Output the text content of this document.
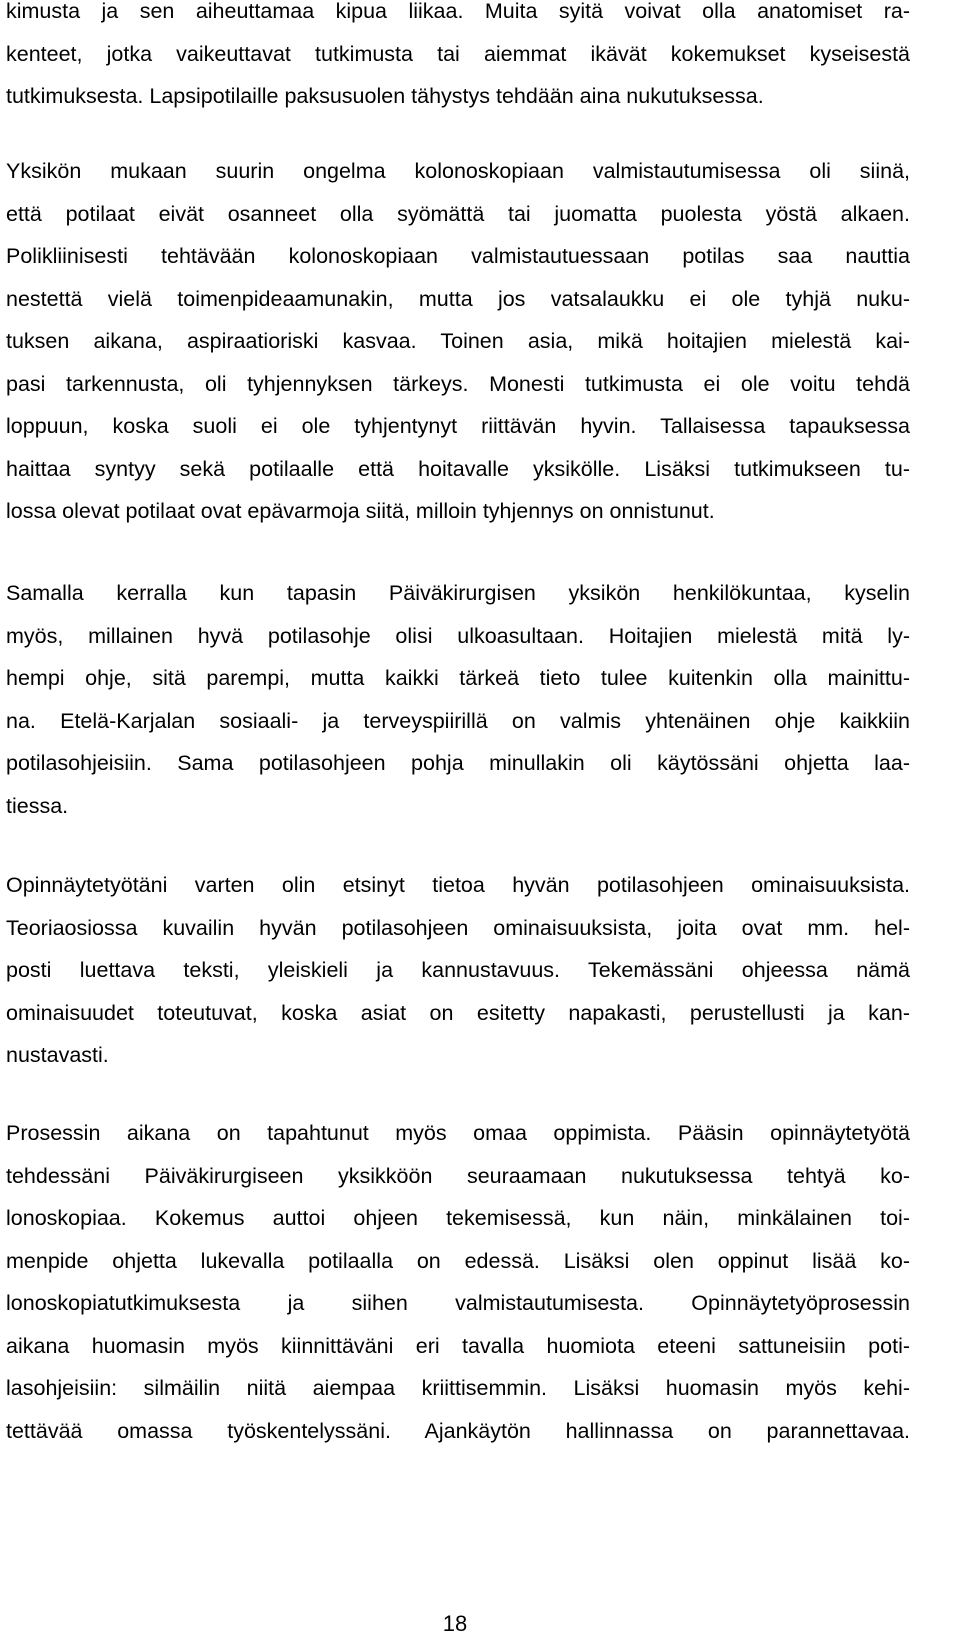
kimusta ja sen aiheuttamaa kipua liikaa. Muita syitä voivat olla anatomiset ra-
kenteet, jotka vaikeuttavat tutkimusta tai aiemmat ikävät kokemukset kyseisestä
tutkimuksesta. Lapsipotilaille paksusuolen tähystys tehdään aina nukutuksessa.
Yksikön mukaan suurin ongelma kolonoskopiaan valmistautumisessa oli siinä,
että potilaat eivät osanneet olla syömättä tai juomatta puolesta yöstä alkaen.
Polikliinisesti tehtävään kolonoskopiaan valmistautuessaan potilas saa nauttia
nestettä vielä toimenpideaamunakin, mutta jos vatsalaukku ei ole tyhjä nuku-
tuksen aikana, aspiraatioriski kasvaa. Toinen asia, mikä hoitajien mielestä kai-
pasi tarkennusta, oli tyhjennyksen tärkeys. Monesti tutkimusta ei ole voitu tehdä
loppuun, koska suoli ei ole tyhjentynyt riittävän hyvin. Tallaisessa tapauksessa
haittaa syntyy sekä potilaalle että hoitavalle yksikölle. Lisäksi tutkimukseen tu-
lossa olevat potilaat ovat epävarmoja siitä, milloin tyhjennys on onnistunut.
Samalla kerralla kun tapasin Päiväkirurgisen yksikön henkilökuntaa, kyselin
myös, millainen hyvä potilasohje olisi ulkoasultaan. Hoitajien mielestä mitä ly-
hempi ohje, sitä parempi, mutta kaikki tärkeä tieto tulee kuitenkin olla mainittu-
na. Etelä-Karjalan sosiaali- ja terveyspiirillä on valmis yhtenäinen ohje kaikkiin
potilasohjeisiin. Sama potilasohjeen pohja minullakin oli käytössäni ohjetta laa-
tiessa.
Opinnäytetyötäni varten olin etsinyt tietoa hyvän potilasohjeen ominaisuuksista.
Teoriaosiossa kuvailin hyvän potilasohjeen ominaisuuksista, joita ovat mm. hel-
posti luettava teksti, yleiskieli ja kannustavuus. Tekemässäni ohjeessa nämä
ominaisuudet toteutuvat, koska asiat on esitetty napakasti, perustellusti ja kan-
nustavasti.
Prosessin aikana on tapahtunut myös omaa oppimista. Pääsin opinnäytetyötä
tehdessäni Päiväkirurgiseen yksikköön seuraamaan nukutuksessa tehtyä ko-
lonoskopiaa. Kokemus auttoi ohjeen tekemisessä, kun näin, minkälainen toi-
menpide ohjetta lukevalla potilaalla on edessä. Lisäksi olen oppinut lisää ko-
lonoskopiatutkimuksesta ja siihen valmistautumisesta. Opinnäytetyöprosessin
aikana huomasin myös kiinnittäväni eri tavalla huomiota eteeni sattuneisiin poti-
lasohjeisiin: silmäilin niitä aiempaa kriittisemmin. Lisäksi huomasin myös kehi-
tettävää omassa työskentelyssäni. Ajankäytön hallinnassa on parannettavaa.
18
